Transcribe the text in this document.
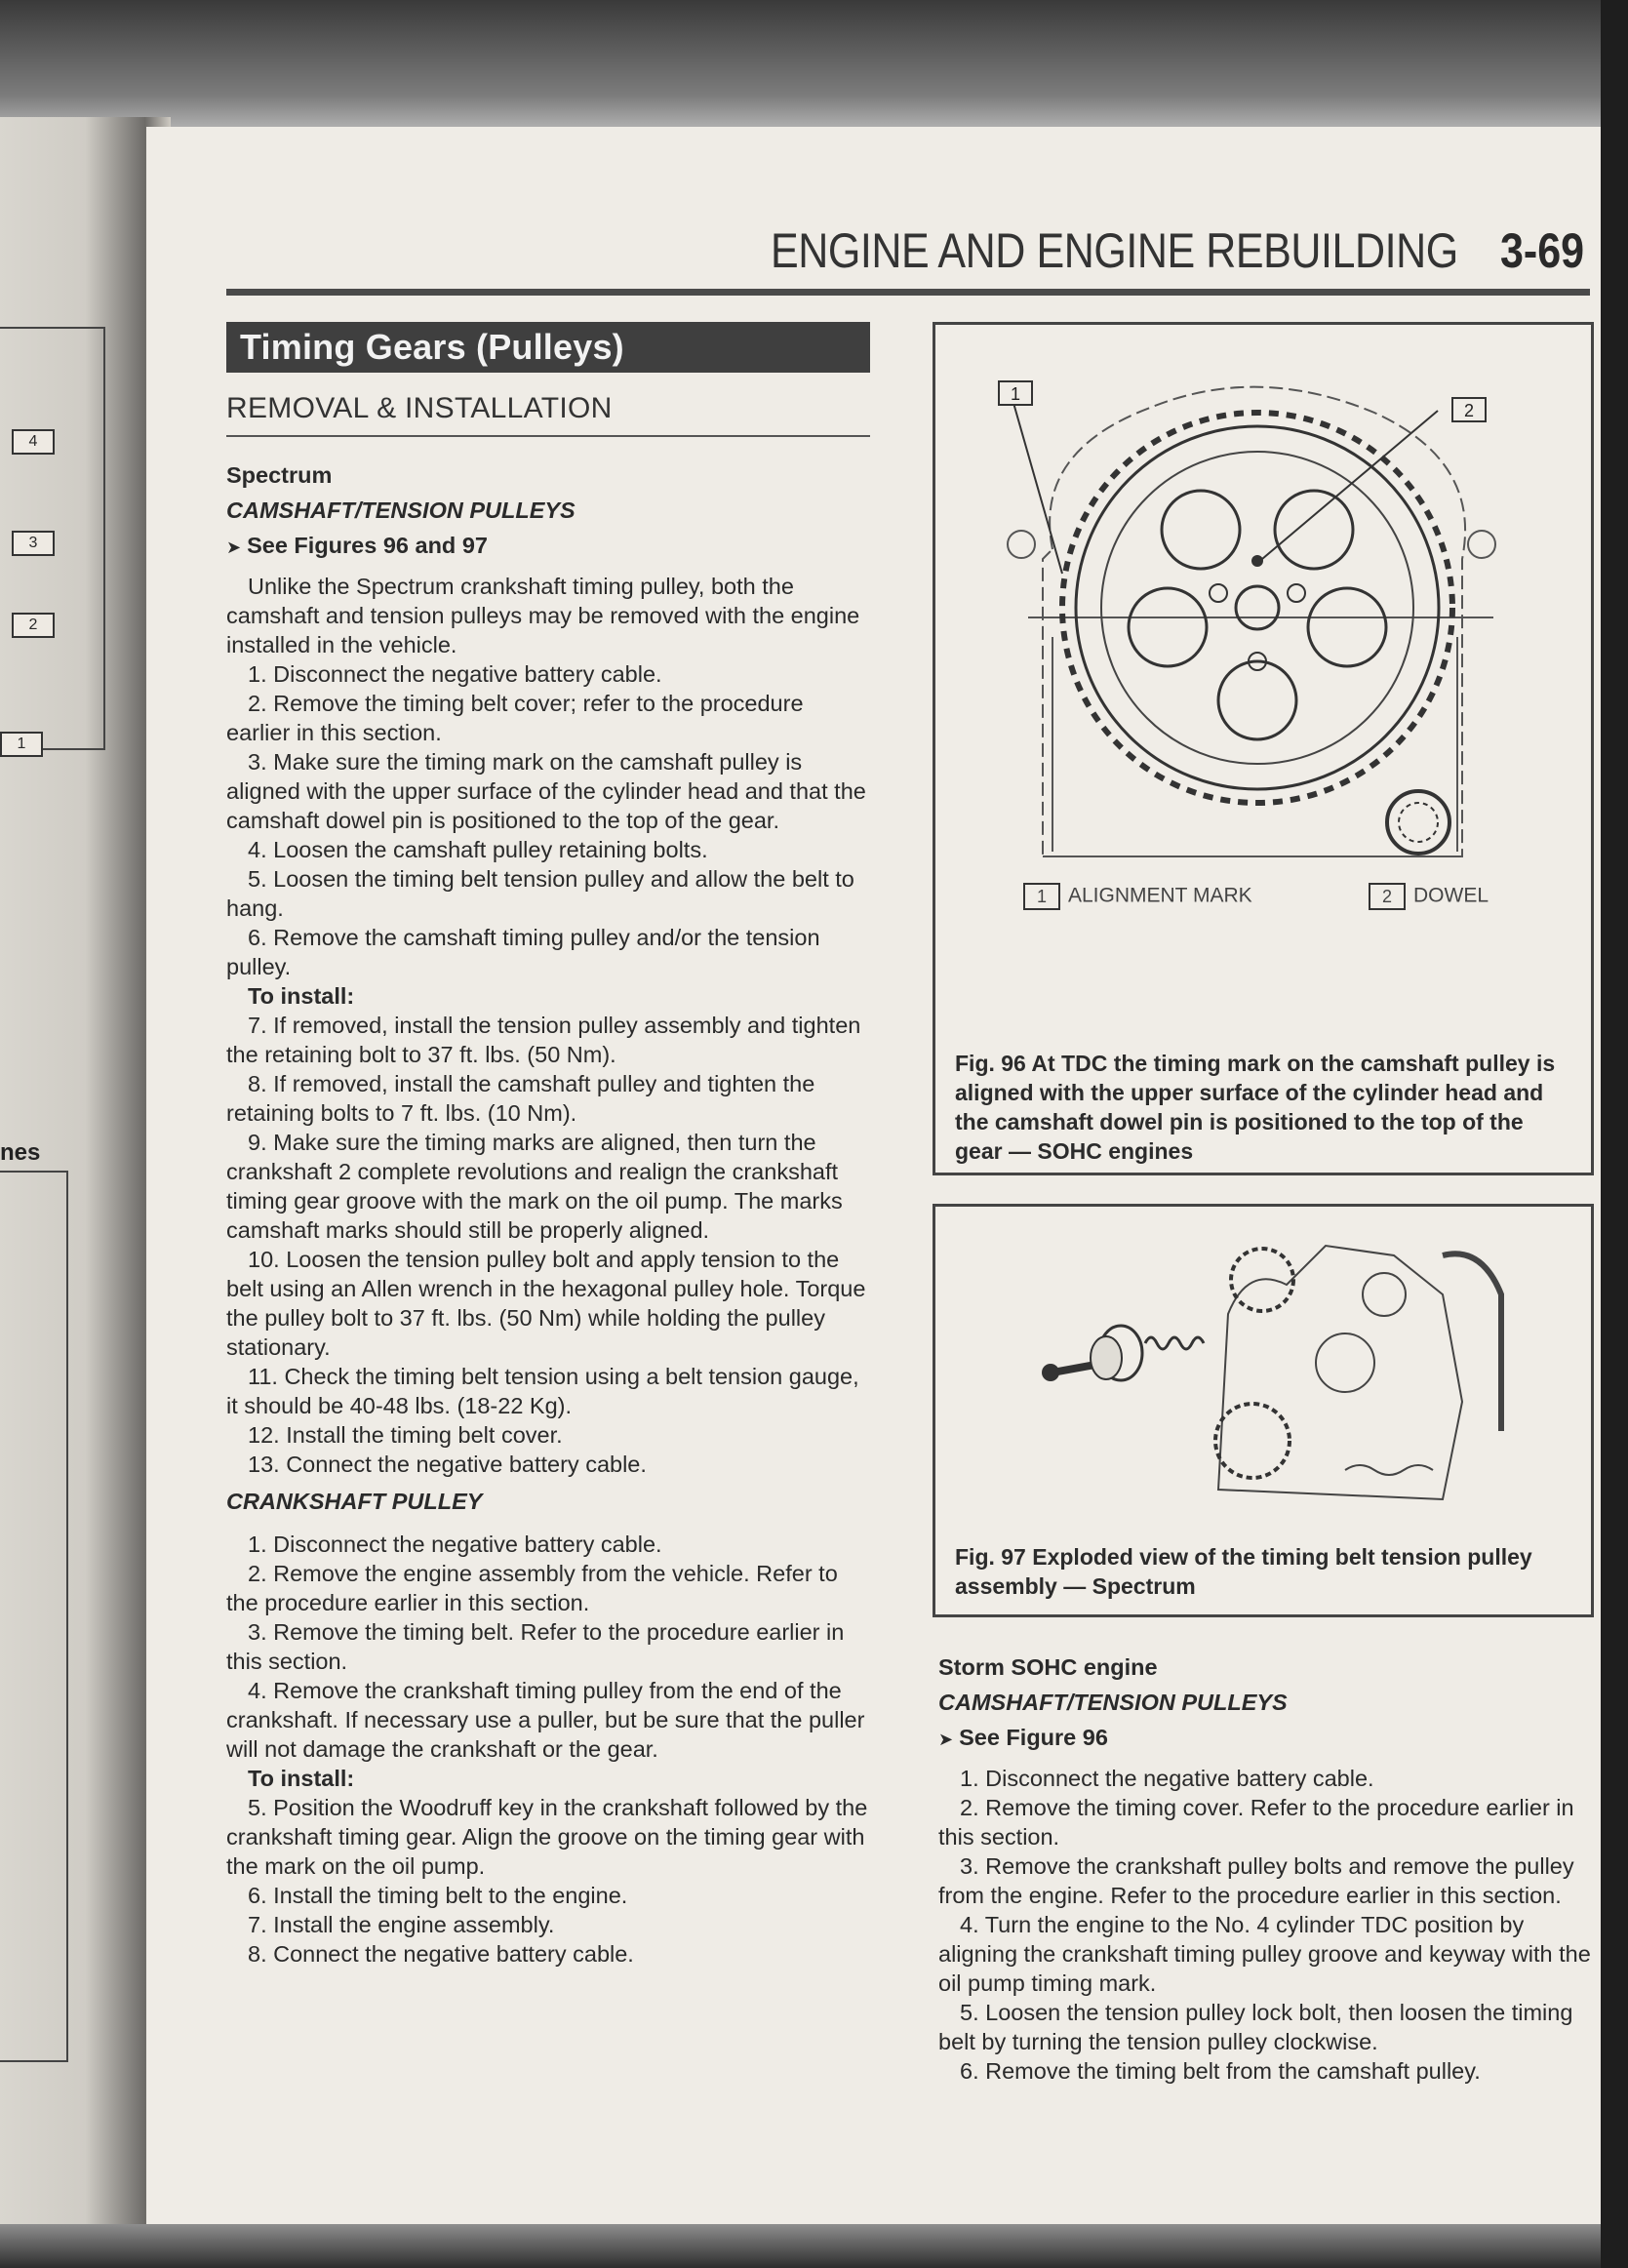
4
3
2
1
nes
ENGINE AND ENGINE REBUILDING 3-69
Timing Gears (Pulleys)
REMOVAL & INSTALLATION
Spectrum
CAMSHAFT/TENSION PULLEYS
➤ See Figures 96 and 97

Unlike the Spectrum crankshaft timing pulley, both the camshaft and tension pulleys may be removed with the engine installed in the vehicle.

1. Disconnect the negative battery cable.

2. Remove the timing belt cover; refer to the procedure earlier in this section.

3. Make sure the timing mark on the camshaft pulley is aligned with the upper surface of the cylinder head and that the camshaft dowel pin is positioned to the top of the gear.

4. Loosen the camshaft pulley retaining bolts.

5. Loosen the timing belt tension pulley and allow the belt to hang.

6. Remove the camshaft timing pulley and/or the tension pulley.

To install:

7. If removed, install the tension pulley assembly and tighten the retaining bolt to 37 ft. lbs. (50 Nm).

8. If removed, install the camshaft pulley and tighten the retaining bolts to 7 ft. lbs. (10 Nm).

9. Make sure the timing marks are aligned, then turn the crankshaft 2 complete revolutions and realign the crankshaft timing gear groove with the mark on the oil pump. The marks camshaft marks should still be properly aligned.

10. Loosen the tension pulley bolt and apply tension to the belt using an Allen wrench in the hexagonal pulley hole. Torque the pulley bolt to 37 ft. lbs. (50 Nm) while holding the pulley stationary.

11. Check the timing belt tension using a belt tension gauge, it should be 40-48 lbs. (18-22 Kg).

12. Install the timing belt cover.

13. Connect the negative battery cable.

CRANKSHAFT PULLEY

1. Disconnect the negative battery cable.

2. Remove the engine assembly from the vehicle. Refer to the procedure earlier in this section.

3. Remove the timing belt. Refer to the procedure earlier in this section.

4. Remove the crankshaft timing pulley from the end of the crankshaft. If necessary use a puller, but be sure that the puller will not damage the crankshaft or the gear.

To install:

5. Position the Woodruff key in the crankshaft followed by the crankshaft timing gear. Align the groove on the timing gear with the mark on the oil pump.

6. Install the timing belt to the engine.

7. Install the engine assembly.

8. Connect the negative battery cable.

1
2
1 ALIGNMENT MARK	2 DOWEL
Fig. 96 At TDC the timing mark on the camshaft pulley is aligned with the upper surface of the cylinder head and the camshaft dowel pin is positioned to the top of the gear — SOHC engines
Fig. 97 Exploded view of the timing belt tension pulley assembly — Spectrum
Storm SOHC engine
CAMSHAFT/TENSION PULLEYS
➤ See Figure 96

1. Disconnect the negative battery cable.

2. Remove the timing cover. Refer to the procedure earlier in this section.

3. Remove the crankshaft pulley bolts and remove the pulley from the engine. Refer to the procedure earlier in this section.

4. Turn the engine to the No. 4 cylinder TDC position by aligning the crankshaft timing pulley groove and keyway with the oil pump timing mark.

5. Loosen the tension pulley lock bolt, then loosen the timing belt by turning the tension pulley clockwise.

6. Remove the timing belt from the camshaft pulley.
